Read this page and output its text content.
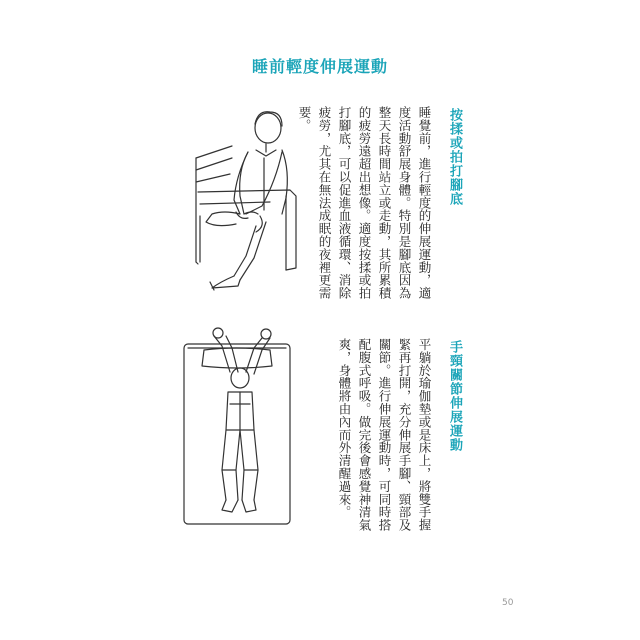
睡前輕度伸展運動
按揉或拍打腳底
睡覺前，進行輕度的伸展運動，適度活動舒展身體。特別是腳底因為整天長時間站立或走動，其所累積的疲勞遠超出想像。適度按揉或拍打腳底，可以促進血液循環、消除疲勞，尤其在無法成眠的夜裡更需要。
手頸關節伸展運動
平躺於瑜伽墊或是床上，將雙手握緊再打開，充分伸展手腳、頸部及關節。進行伸展運動時，可同時搭配腹式呼吸。做完後會感覺神清氣爽，身體將由內而外清醒過來。
50
